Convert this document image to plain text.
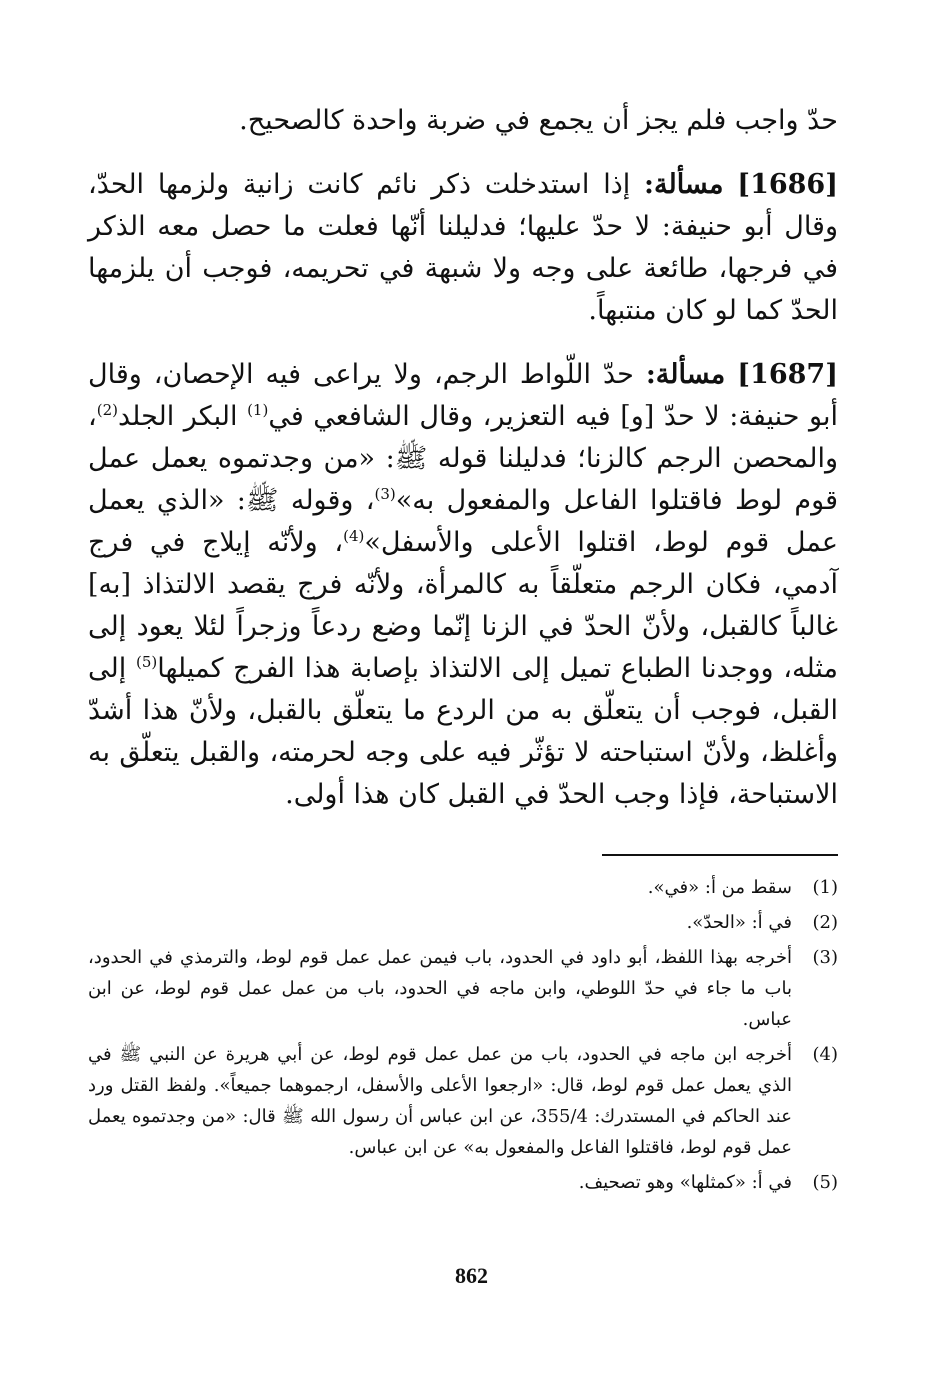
حدّ واجب فلم يجز أن يجمع في ضربة واحدة كالصحيح.

[1686] مسألة: إذا استدخلت ذكر نائم كانت زانية ولزمها الحدّ، وقال أبو حنيفة: لا حدّ عليها؛ فدليلنا أنّها فعلت ما حصل معه الذكر في فرجها، طائعة على وجه ولا شبهة في تحريمه، فوجب أن يلزمها الحدّ كما لو كان منتبهاً.

[1687] مسألة: حدّ اللّواط الرجم، ولا يراعى فيه الإحصان، وقال أبو حنيفة: لا حدّ [و] فيه التعزير، وقال الشافعي في$^{(1)}$ البكر الجلد$^{(2)}$، والمحصن الرجم كالزنا؛ فدليلنا قوله ﷺ: «من وجدتموه يعمل عمل قوم لوط فاقتلوا الفاعل والمفعول به»$^{(3)}$، وقوله ﷺ: «الذي يعمل عمل قوم لوط، اقتلوا الأعلى والأسفل»$^{(4)}$، ولأنّه إيلاج في فرج آدمي، فكان الرجم متعلّقاً به كالمرأة، ولأنّه فرج يقصد الالتذاذ [به] غالباً كالقبل، ولأنّ الحدّ في الزنا إنّما وضع ردعاً وزجراً لئلا يعود إلى مثله، ووجدنا الطباع تميل إلى الالتذاذ بإصابة هذا الفرج كميلها$^{(5)}$ إلى القبل، فوجب أن يتعلّق به من الردع ما يتعلّق بالقبل، ولأنّ هذا أشدّ وأغلظ، ولأنّ استباحته لا تؤثّر فيه على وجه لحرمته، والقبل يتعلّق به الاستباحة، فإذا وجب الحدّ في القبل كان هذا أولى.

(1)
سقط من أ: «في».
(2)
في أ: «الحدّ».
(3)
أخرجه بهذا اللفظ، أبو داود في الحدود، باب فيمن عمل عمل قوم لوط، والترمذي في الحدود، باب ما جاء في حدّ اللوطي، وابن ماجه في الحدود، باب من عمل عمل قوم لوط، عن ابن عباس.
(4)
أخرجه ابن ماجه في الحدود، باب من عمل عمل قوم لوط، عن أبي هريرة عن النبي ﷺ في الذي يعمل عمل قوم لوط، قال: «ارجعوا الأعلى والأسفل، ارجموهما جميعاً». ولفظ القتل ورد عند الحاكم في المستدرك: 355/4، عن ابن عباس أن رسول الله ﷺ قال: «من وجدتموه يعمل عمل قوم لوط، فاقتلوا الفاعل والمفعول به» عن ابن عباس.
(5)
في أ: «كمثلها» وهو تصحيف.
862
